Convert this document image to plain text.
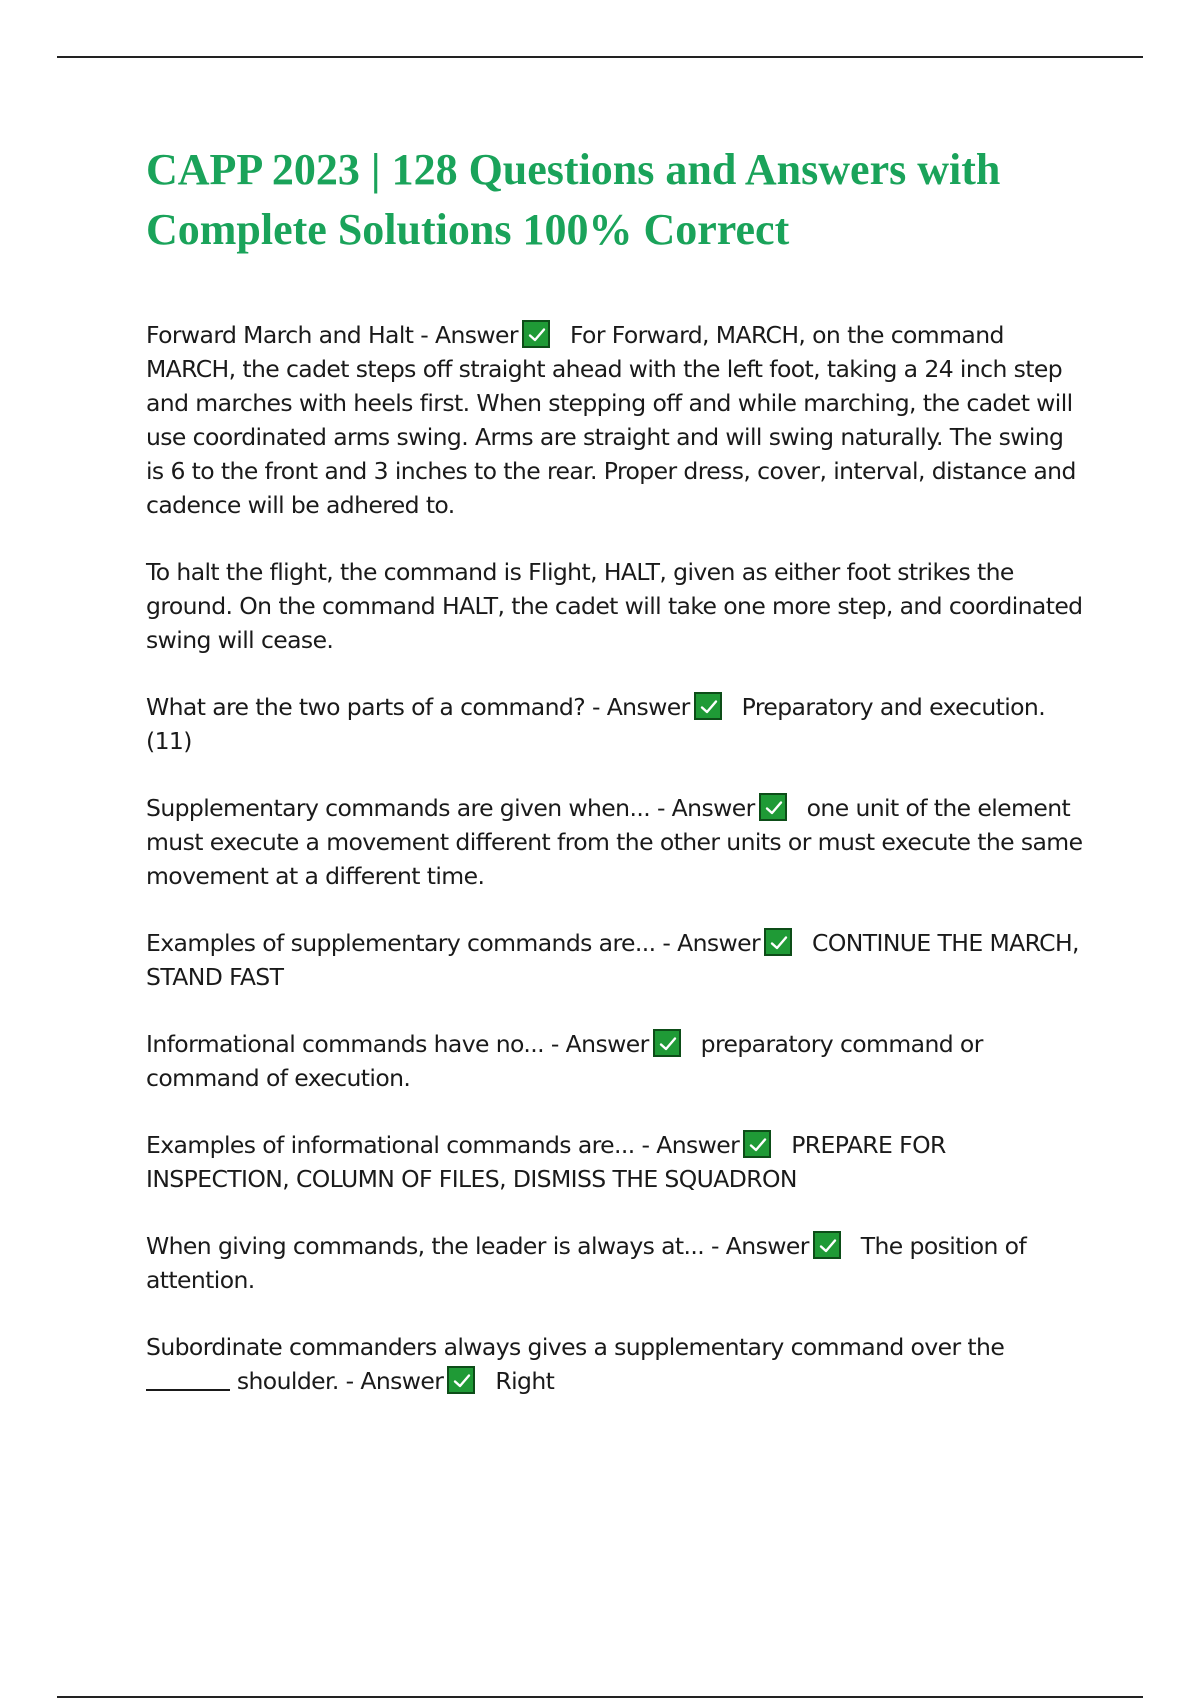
CAPP 2023 | 128 Questions and Answers with Complete Solutions 100% Correct

Forward March and Halt - Answer For Forward, MARCH, on the command MARCH, the cadet steps off straight ahead with the left foot, taking a 24 inch step and marches with heels first. When stepping off and while marching, the cadet will use coordinated arms swing. Arms are straight and will swing naturally. The swing is 6 to the front and 3 inches to the rear. Proper dress, cover, interval, distance and cadence will be adhered to.

To halt the flight, the command is Flight, HALT, given as either foot strikes the ground. On the command HALT, the cadet will take one more step, and coordinated swing will cease.

What are the two parts of a command? - Answer Preparatory and execution. (11)

Supplementary commands are given when... - Answer one unit of the element must execute a movement different from the other units or must execute the same movement at a different time.

Examples of supplementary commands are... - Answer CONTINUE THE MARCH, STAND FAST

Informational commands have no... - Answer preparatory command or command of execution.

Examples of informational commands are... - Answer PREPARE FOR INSPECTION, COLUMN OF FILES, DISMISS THE SQUADRON

When giving commands, the leader is always at... - Answer The position of attention.

Subordinate commanders always gives a supplementary command over the  shoulder. - Answer Right
